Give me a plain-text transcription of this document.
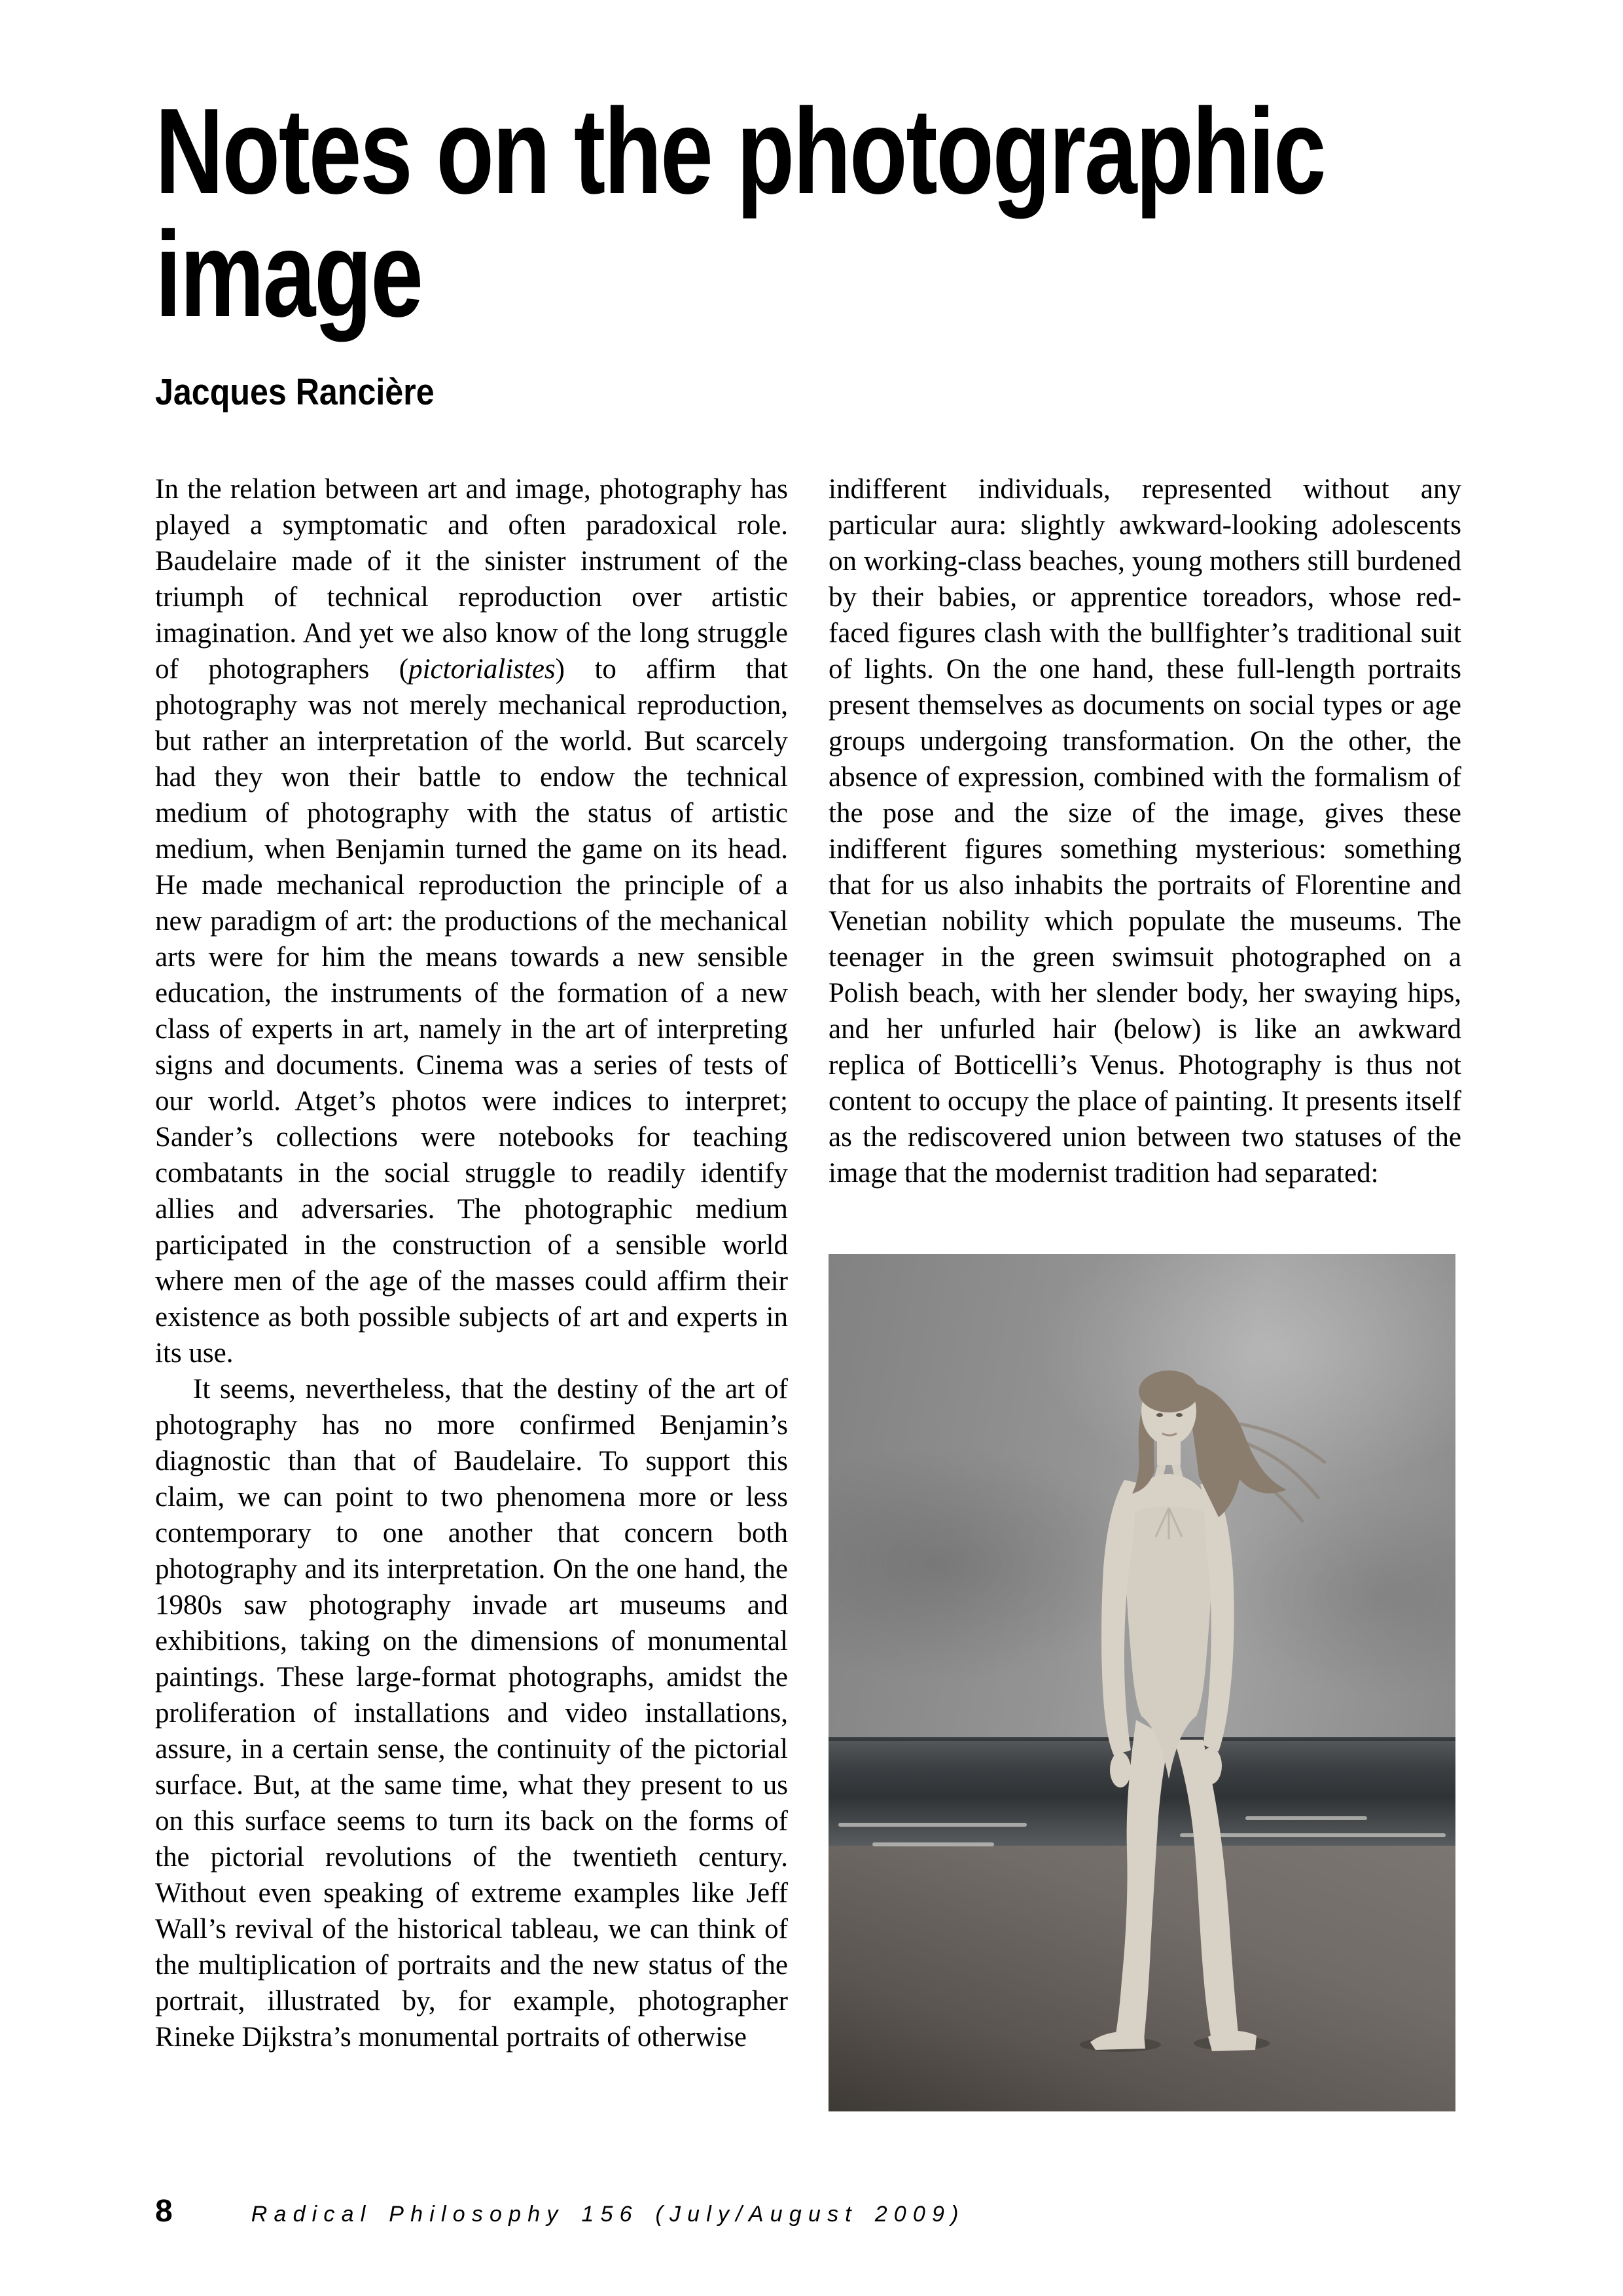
Notes on the photographic
image
Jacques Rancière

In the relation between art and image, photography has played a symptomatic and often paradoxical role. Baudelaire made of it the sinister instrument of the triumph of technical reproduction over artistic imagination. And yet we also know of the long struggle of photographers (pictorialistes) to affirm that photography was not merely mechanical reproduction, but rather an interpretation of the world. But scarcely had they won their battle to endow the technical medium of photography with the status of artistic medium, when Benjamin turned the game on its head. He made mechanical reproduction the principle of a new paradigm of art: the productions of the mechanical arts were for him the means towards a new sensible education, the instruments of the formation of a new class of experts in art, namely in the art of interpreting signs and documents. Cinema was a series of tests of our world. Atget’s photos were indices to interpret; Sander’s collections were notebooks for teaching combatants in the social struggle to readily identify allies and adversaries. The photographic medium participated in the construction of a sensible world where men of the age of the masses could affirm their existence as both possible subjects of art and experts in its use.

It seems, nevertheless, that the destiny of the art of photography has no more confirmed Benjamin’s diagnostic than that of Baudelaire. To support this claim, we can point to two phenomena more or less contemporary to one another that concern both photography and its interpretation. On the one hand, the 1980s saw photography invade art museums and exhibitions, taking on the dimensions of monumental paintings. These large-format photographs, amidst the proliferation of installations and video installations, assure, in a certain sense, the continuity of the pictorial surface. But, at the same time, what they present to us on this surface seems to turn its back on the forms of the pictorial revolutions of the twentieth century. Without even speaking of extreme examples like Jeff Wall’s revival of the historical tableau, we can think of the multiplication of portraits and the new status of the portrait, illustrated by, for example, photographer Rineke Dijkstra’s monumental portraits of otherwise

indifferent individuals, represented without any particular aura: slightly awkward-looking adolescents on working-class beaches, young mothers still burdened by their babies, or apprentice toreadors, whose red-faced figures clash with the bullfighter’s traditional suit of lights. On the one hand, these full-length portraits present themselves as documents on social types or age groups undergoing transformation. On the other, the absence of expression, combined with the formalism of the pose and the size of the image, gives these indifferent figures something mysterious: something that for us also inhabits the portraits of Florentine and Venetian nobility which populate the museums. The teenager in the green swimsuit photographed on a Polish beach, with her slender body, her swaying hips, and her unfurled hair (below) is like an awkward replica of Botticelli’s Venus. Photography is thus not content to occupy the place of painting. It presents itself as the rediscovered union between two statuses of the image that the modernist tradition had separated:

8	Radical Philosophy 156 (July/August 2009)
